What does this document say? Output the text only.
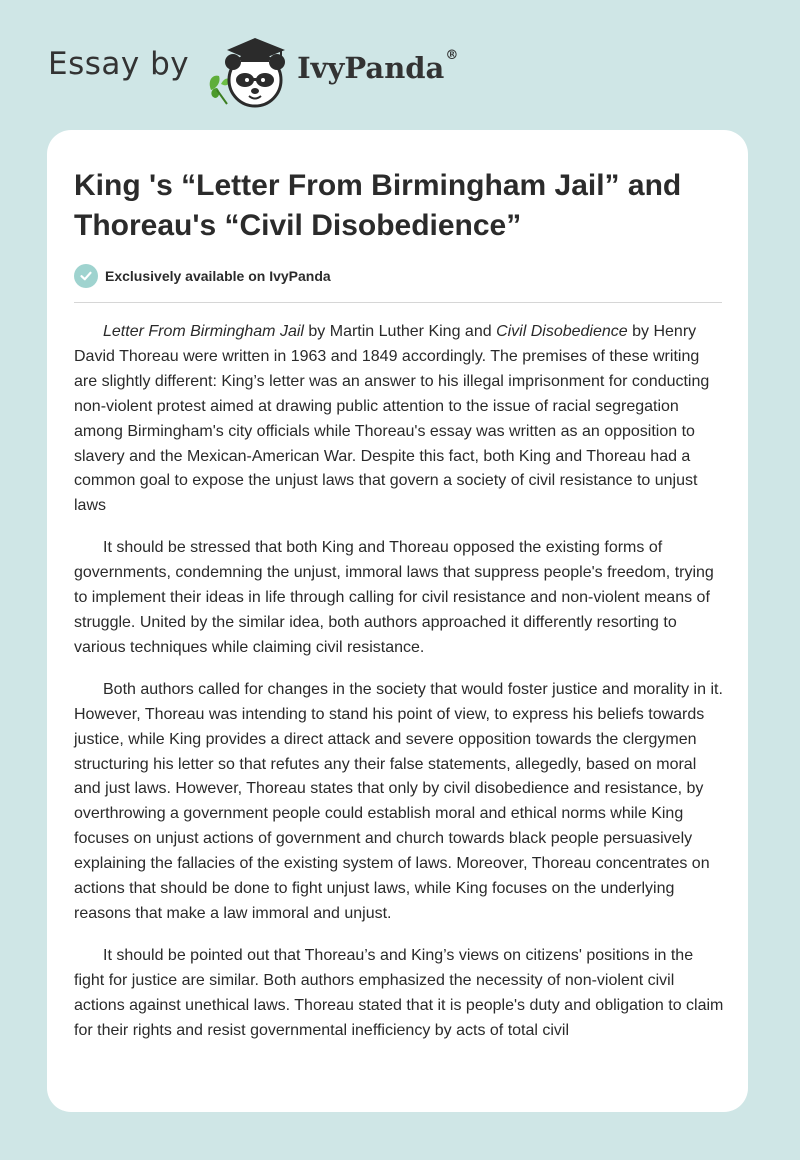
Essay by	IvyPanda®
King 's “Letter From Birmingham Jail” and Thoreau's “Civil Disobedience”
Exclusively available on IvyPanda

Letter From Birmingham Jail by Martin Luther King and Civil Disobedience by Henry David Thoreau were written in 1963 and 1849 accordingly. The premises of these writing are slightly different: King’s letter was an answer to his illegal imprisonment for conducting non-violent protest aimed at drawing public attention to the issue of racial segregation among Birmingham's city officials while Thoreau's essay was written as an opposition to slavery and the Mexican-American War. Despite this fact, both King and Thoreau had a common goal to expose the unjust laws that govern a society of civil resistance to unjust laws

It should be stressed that both King and Thoreau opposed the existing forms of governments, condemning the unjust, immoral laws that suppress people's freedom, trying to implement their ideas in life through calling for civil resistance and non-violent means of struggle. United by the similar idea, both authors approached it differently resorting to various techniques while claiming civil resistance.

Both authors called for changes in the society that would foster justice and morality in it. However, Thoreau was intending to stand his point of view, to express his beliefs towards justice, while King provides a direct attack and severe opposition towards the clergymen structuring his letter so that refutes any their false statements, allegedly, based on moral and just laws. However, Thoreau states that only by civil disobedience and resistance, by overthrowing a government people could establish moral and ethical norms while King focuses on unjust actions of government and church towards black people persuasively explaining the fallacies of the existing system of laws. Moreover, Thoreau concentrates on actions that should be done to fight unjust laws, while King focuses on the underlying reasons that make a law immoral and unjust.

It should be pointed out that Thoreau’s and King’s views on citizens' positions in the fight for justice are similar. Both authors emphasized the necessity of non-violent civil actions against unethical laws. Thoreau stated that it is people's duty and obligation to claim for their rights and resist governmental inefficiency by acts of total civil
